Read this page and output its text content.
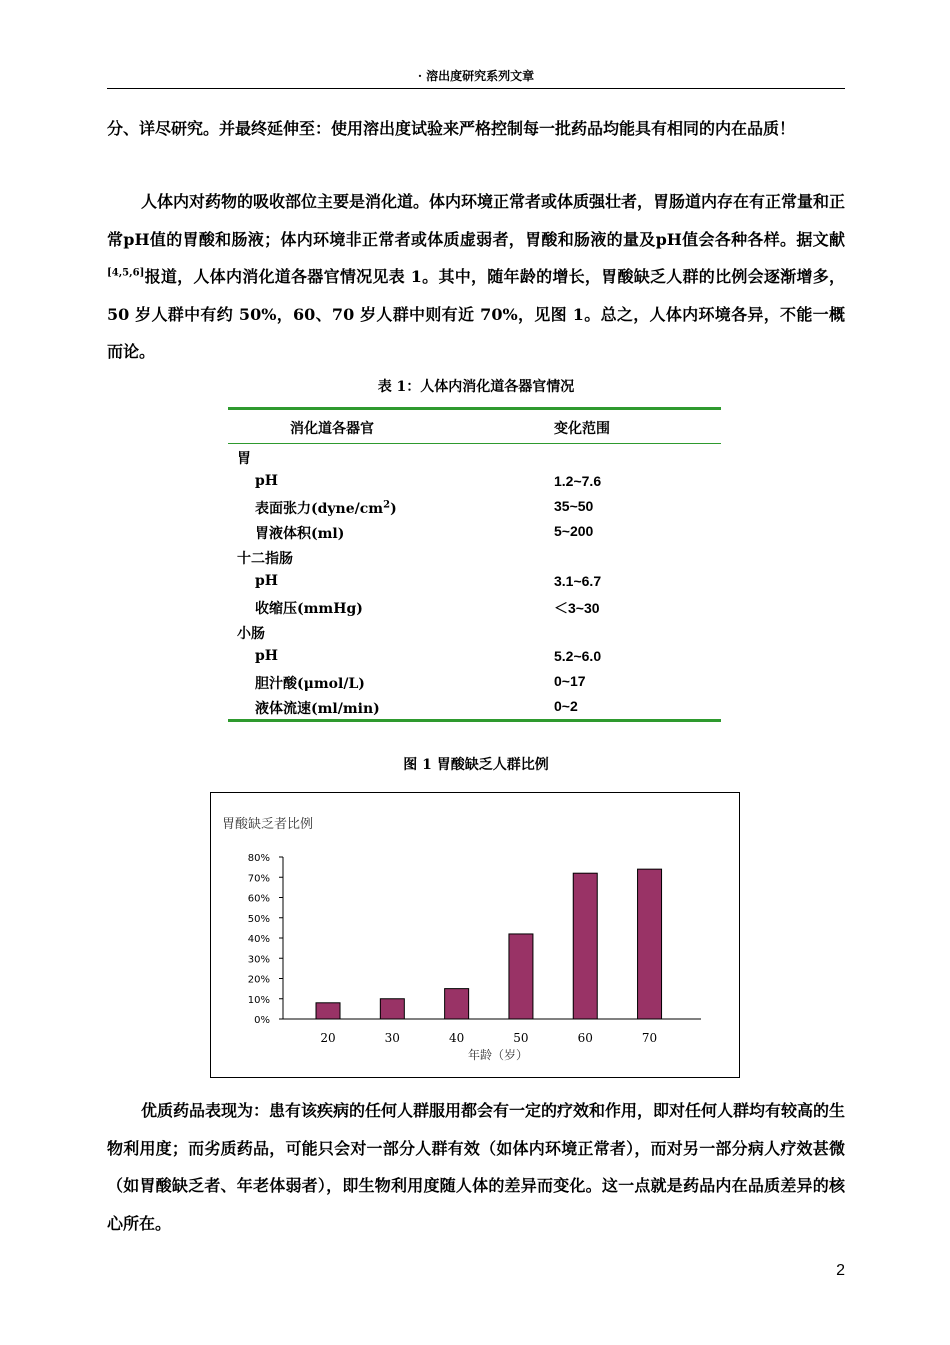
· 溶出度研究系列文章

分、详尽研究。并最终延伸至：使用溶出度试验来严格控制每一批药品均能具有相同的内在品质！

人体内对药物的吸收部位主要是消化道。体内环境正常者或体质强壮者，胃肠道内存在有正常量和正常pH值的胃酸和肠液；体内环境非正常者或体质虚弱者，胃酸和肠液的量及pH值会各种各样。据文献[4,5,6]报道，人体内消化道各器官情况见表 1。其中，随年龄的增长，胃酸缺乏人群的比例会逐渐增多，50 岁人群中有约 50%，60、70 岁人群中则有近 70%，见图 1。总之，人体内环境各异，不能一概而论。

表 1：人体内消化道各器官情况
消化道各器官	变化范围
胃
pH	1.2~7.6
表面张力$(dyne/cm^2)$	35~50
胃液体积(ml)	5~200
十二指肠
pH	3.1~6.7
收缩压(mmHg)	＜3~30
小肠
pH	5.2~6.0
胆汁酸(μmol/L)	0~17
液体流速(ml/min)	0~2
图 1 胃酸缺乏人群比例
胃酸缺乏者比例
0%
10%
20%
30%
40%
50%
60%
70%
80%
20	30	40	50	60	70
年龄（岁）

优质药品表现为：患有该疾病的任何人群服用都会有一定的疗效和作用，即对任何人群均有较高的生物利用度；而劣质药品，可能只会对一部分人群有效（如体内环境正常者），而对另一部分病人疗效甚微（如胃酸缺乏者、年老体弱者），即生物利用度随人体的差异而变化。这一点就是药品内在品质差异的核心所在。

2
